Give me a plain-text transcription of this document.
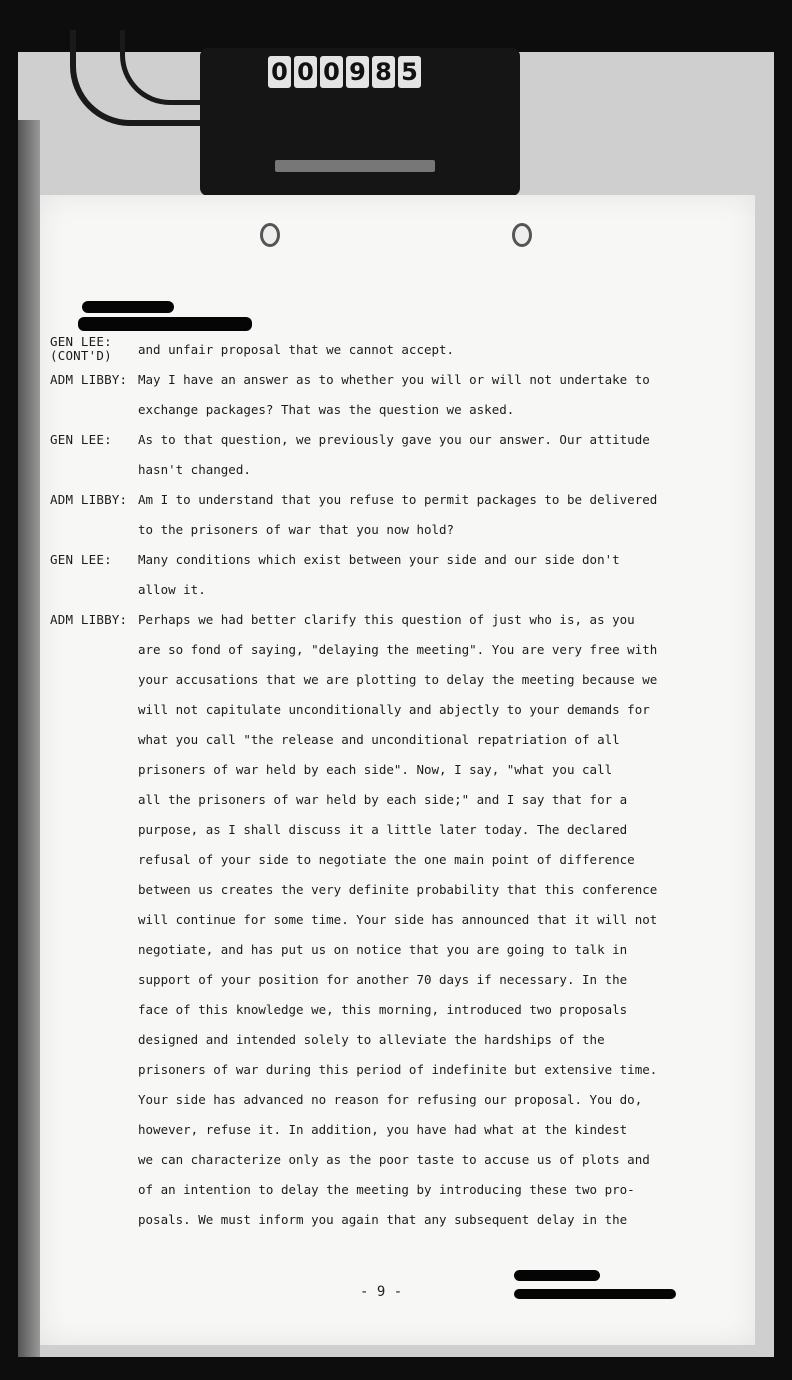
0 0 0 9 8 5
GEN LEE:
(CONT'D)	and unfair proposal that we cannot accept.
ADM LIBBY: May I have an answer as to whether you will or will not undertake to
exchange packages? That was the question we asked.
GEN LEE:	As to that question, we previously gave you our answer. Our attitude
hasn't changed.
ADM LIBBY: Am I to understand that you refuse to permit packages to be delivered
to the prisoners of war that you now hold?
GEN LEE:	Many conditions which exist between your side and our side don't
allow it.
ADM LIBBY: Perhaps we had better clarify this question of just who is, as you
are so fond of saying, "delaying the meeting". You are very free with
your accusations that we are plotting to delay the meeting because we
will not capitulate unconditionally and abjectly to your demands for
what you call "the release and unconditional repatriation of all
prisoners of war held by each side". Now, I say, "what you call
all the prisoners of war held by each side;" and I say that for a
purpose, as I shall discuss it a little later today. The declared
refusal of your side to negotiate the one main point of difference
between us creates the very definite probability that this conference
will continue for some time. Your side has announced that it will not
negotiate, and has put us on notice that you are going to talk in
support of your position for another 70 days if necessary. In the
face of this knowledge we, this morning, introduced two proposals
designed and intended solely to alleviate the hardships of the
prisoners of war during this period of indefinite but extensive time.
Your side has advanced no reason for refusing our proposal. You do,
however, refuse it. In addition, you have had what at the kindest
we can characterize only as the poor taste to accuse us of plots and
of an intention to delay the meeting by introducing these two pro-
posals. We must inform you again that any subsequent delay in the
- 9 -
